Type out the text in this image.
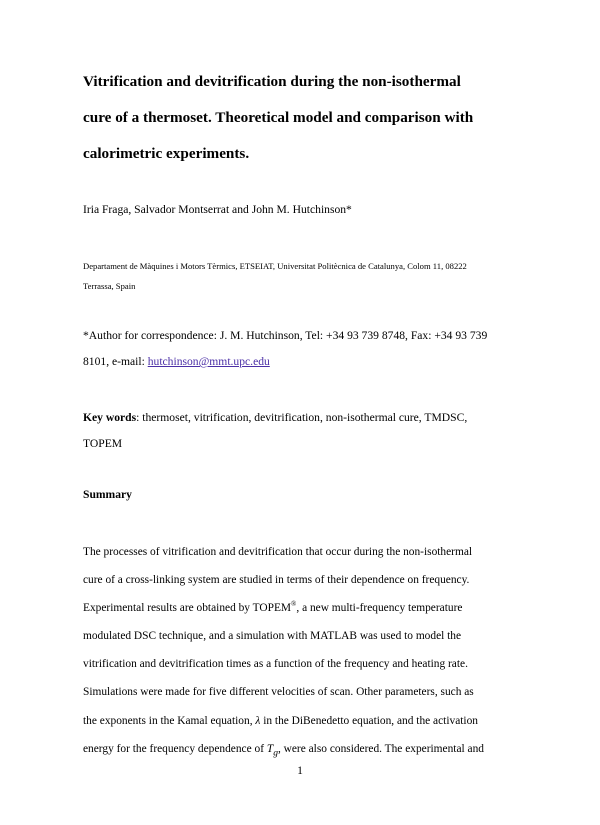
Vitrification and devitrification during the non-isothermal
cure of a thermoset. Theoretical model and comparison with
calorimetric experiments.
Iria Fraga, Salvador Montserrat and John M. Hutchinson*
Departament de Màquines i Motors Tèrmics, ETSEIAT, Universitat Politècnica de Catalunya, Colom 11, 08222
Terrassa, Spain
*Author for correspondence: J. M. Hutchinson, Tel: +34 93 739 8748, Fax: +34 93 739
8101, e-mail: hutchinson@mmt.upc.edu
Key words: thermoset, vitrification, devitrification, non-isothermal cure, TMDSC,
TOPEM
Summary
The processes of vitrification and devitrification that occur during the non-isothermal
cure of a cross-linking system are studied in terms of their dependence on frequency.
Experimental results are obtained by TOPEM®, a new multi-frequency temperature
modulated DSC technique, and a simulation with MATLAB was used to model the
vitrification and devitrification times as a function of the frequency and heating rate.
Simulations were made for five different velocities of scan. Other parameters, such as
the exponents in the Kamal equation, λ in the DiBenedetto equation, and the activation
energy for the frequency dependence of $T_g$, were also considered. The experimental and
1
